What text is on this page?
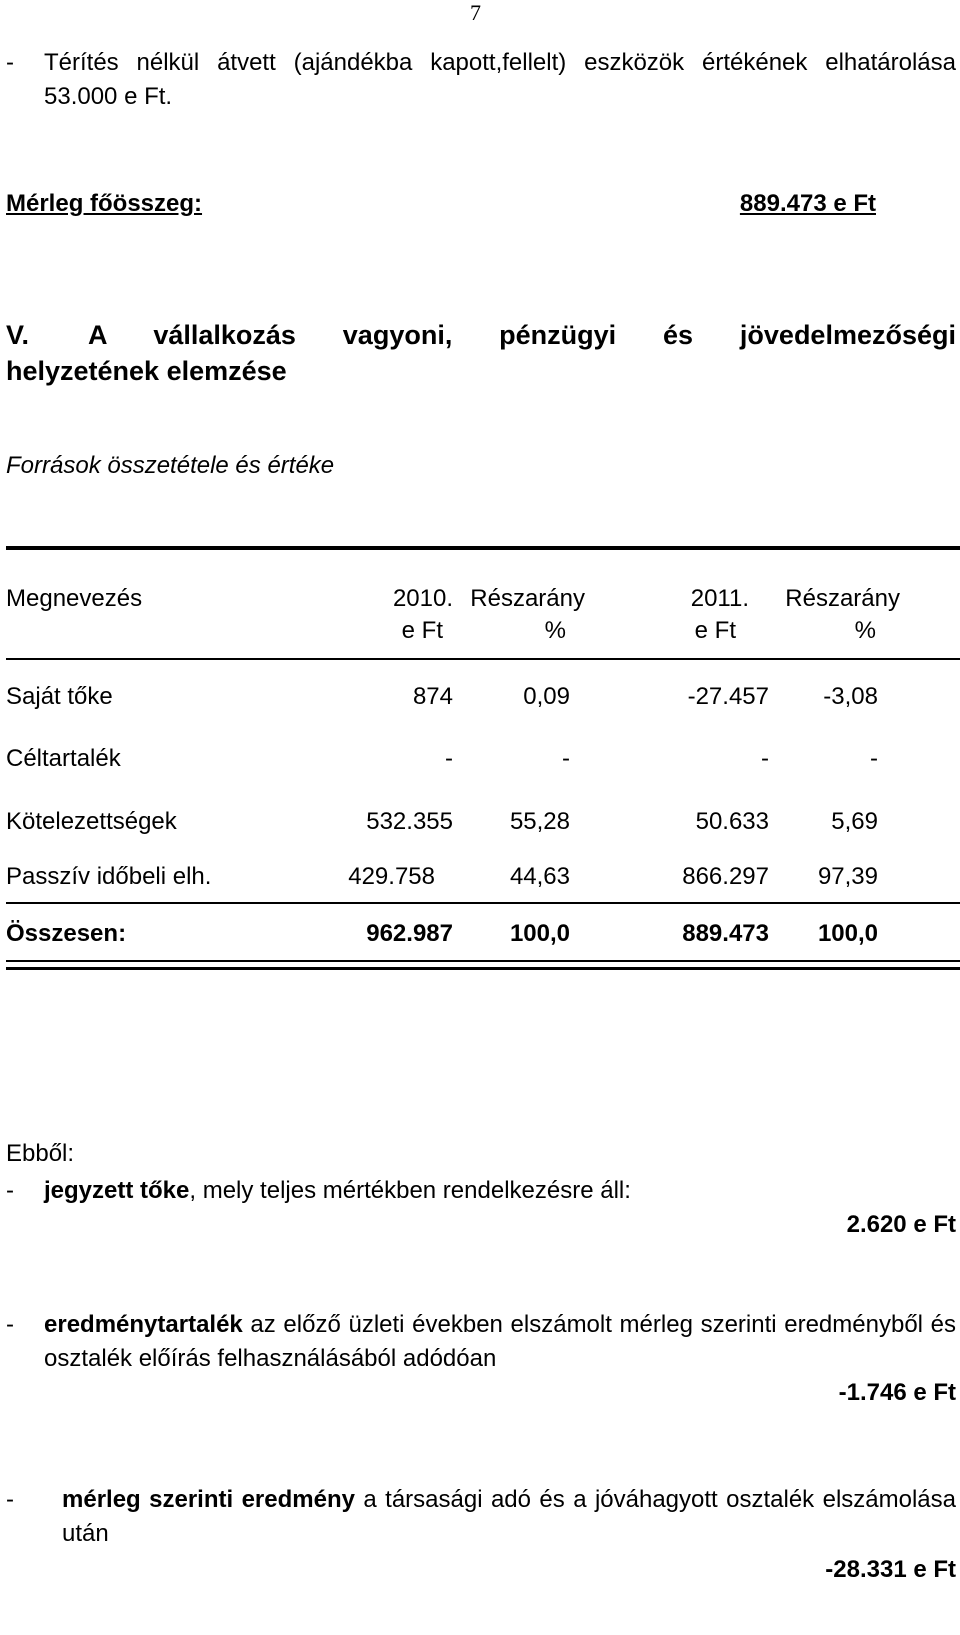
7
-	Térítés nélkül átvett (ajándékba kapott,fellelt) eszközök értékének elhatárolása 53.000 e Ft.
Mérleg főösszeg:	889.473 e Ft
V. A vállalkozás vagyoni, pénzügyi és jövedelmezőségi
helyzetének elemzése
Források összetétele és értéke
Megnevezés	2010. Részarány	2011. Részarány
e Ft	%	e Ft	%
Saját tőke	874	0,09	-27.457 -3,08
Céltartalék	-	-	-	-
Kötelezettségek	532.355 55,28	50.633	5,69
Passzív időbeli elh.	429.758	44,63	866.297 97,39
Összesen:	962.987 100,0	889.473 100,0
Ebből:
-	jegyzett tőke, mely teljes mértékben rendelkezésre áll:
2.620 e Ft
-	eredménytartalék az előző üzleti években elszámolt mérleg szerinti eredményből és osztalék előírás felhasználásából adódóan
-1.746 e Ft
-	mérleg szerinti eredmény a társasági adó és a jóváhagyott osztalék elszámolása után
-28.331 e Ft
